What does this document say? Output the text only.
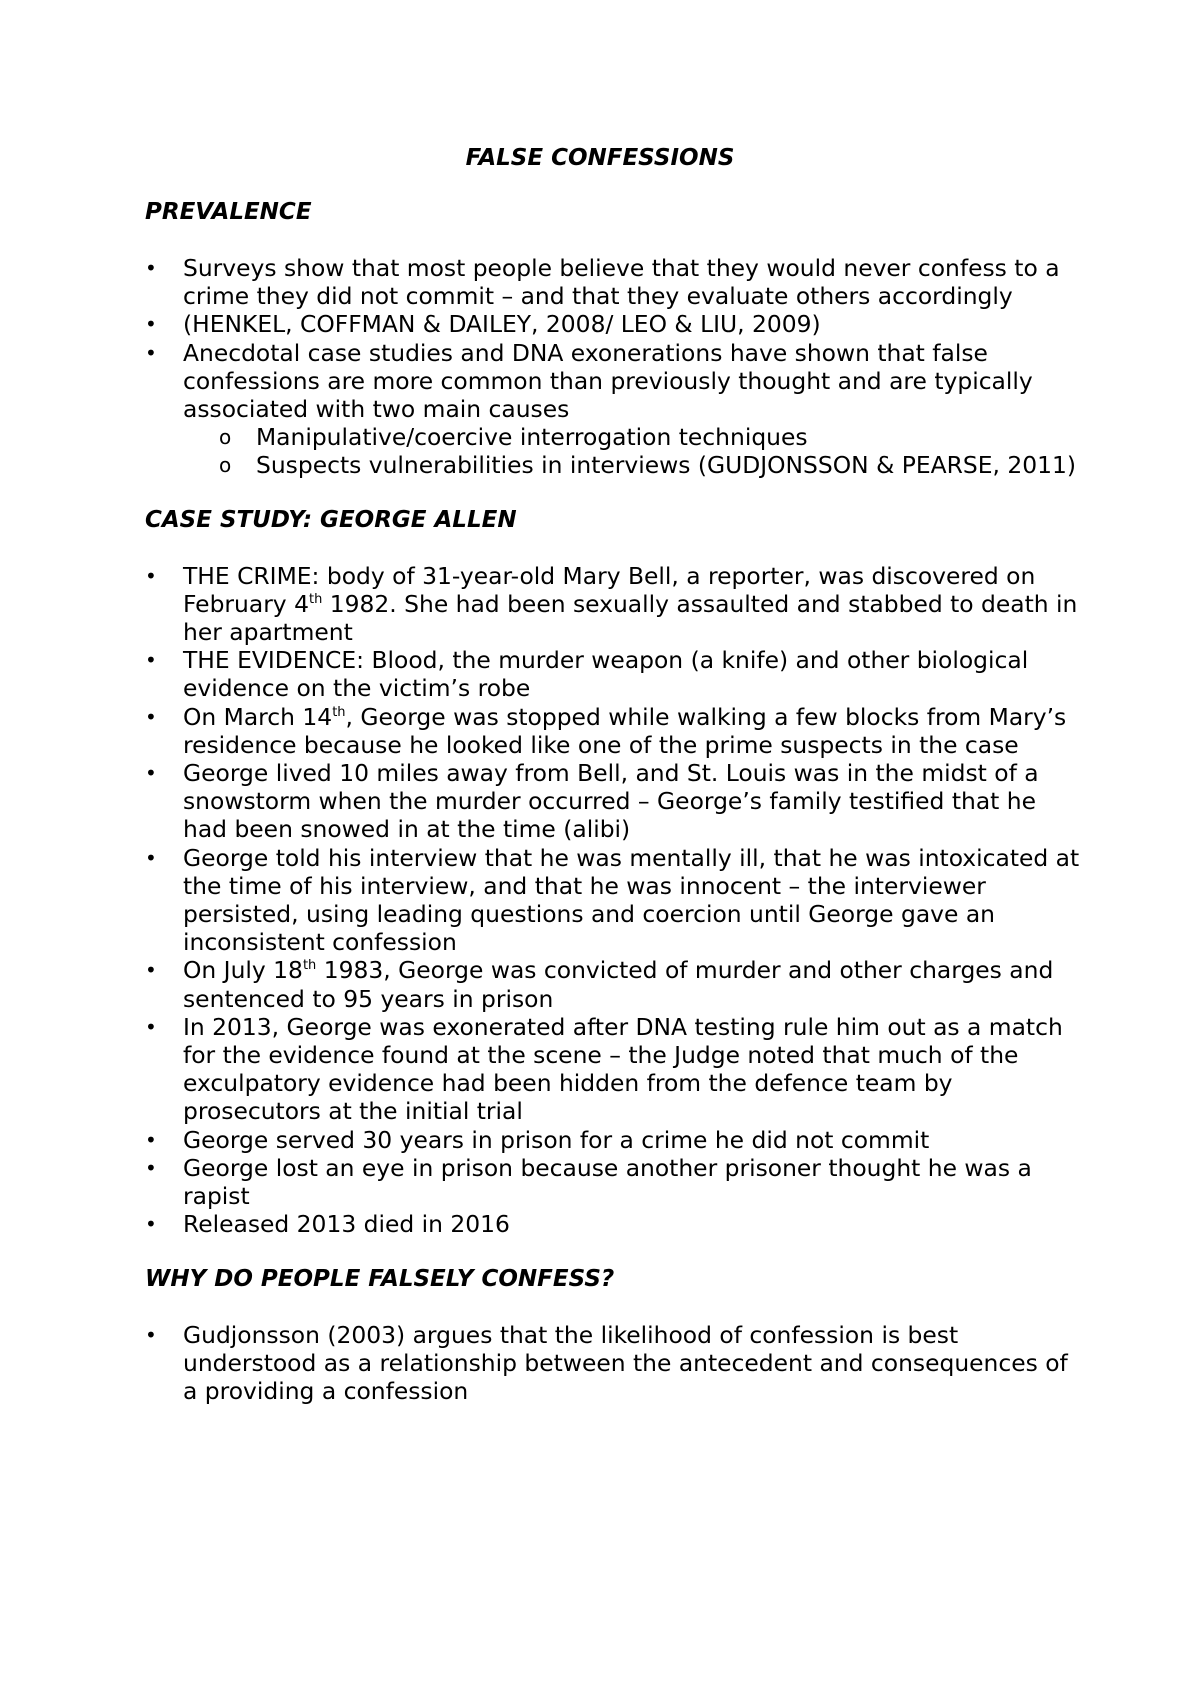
FALSE CONFESSIONS
PREVALENCE
• Surveys show that most people believe that they would never confess to a crime they did not commit – and that they evaluate others accordingly
• (HENKEL, COFFMAN & DAILEY, 2008/ LEO & LIU, 2009)
• Anecdotal case studies and DNA exonerations have shown that false confessions are more common than previously thought and are typically associated with two main causes
o Manipulative/coercive interrogation techniques
o Suspects vulnerabilities in interviews (GUDJONSSON & PEARSE, 2011)
CASE STUDY: GEORGE ALLEN
• THE CRIME: body of 31-year-old Mary Bell, a reporter, was discovered on February 4th 1982. She had been sexually assaulted and stabbed to death in her apartment
• THE EVIDENCE: Blood, the murder weapon (a knife) and other biological evidence on the victim’s robe
• On March 14th, George was stopped while walking a few blocks from Mary’s residence because he looked like one of the prime suspects in the case
• George lived 10 miles away from Bell, and St. Louis was in the midst of a snowstorm when the murder occurred – George’s family testified that he had been snowed in at the time (alibi)
• George told his interview that he was mentally ill, that he was intoxicated at the time of his interview, and that he was innocent – the interviewer persisted, using leading questions and coercion until George gave an inconsistent confession
• On July 18th 1983, George was convicted of murder and other charges and sentenced to 95 years in prison
• In 2013, George was exonerated after DNA testing rule him out as a match for the evidence found at the scene – the Judge noted that much of the exculpatory evidence had been hidden from the defence team by prosecutors at the initial trial
• George served 30 years in prison for a crime he did not commit
• George lost an eye in prison because another prisoner thought he was a rapist
• Released 2013 died in 2016
WHY DO PEOPLE FALSELY CONFESS?
• Gudjonsson (2003) argues that the likelihood of confession is best understood as a relationship between the antecedent and consequences of a providing a confession
